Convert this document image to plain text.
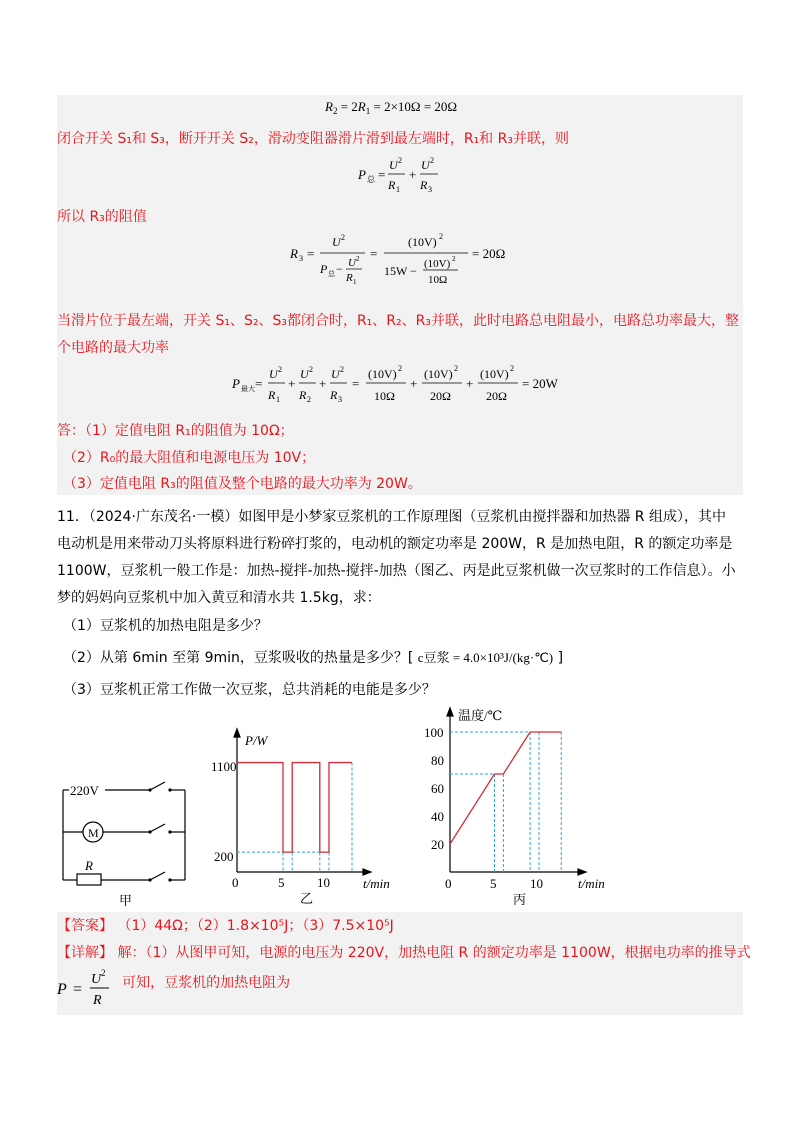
$R_2 = 2R_1 = 2\times 10\Omega = 20\Omega$
闭合开关 S₁和 S₃，断开开关 S₂，滑动变阻器滑片滑到最左端时，R₁和 R₃并联，则
P 总 =
U 2
R 1
+
U 2
R 3
所以 R₃的阻值
R 3 =
U 2
P 总 − U 2
R 1
=
(10V) 2
15W − (10V) 2
10Ω
= 20Ω
当滑片位于最左端，开关 S₁、S₂、S₃都闭合时，R₁、R₂、R₃并联，此时电路总电阻最小，电路总功率最大，整
个电路的最大功率
P 最大 =
U 2
R 1
+
U 2
R 2
+
U 2
R 3
=
(10V) 2
10Ω
+
(10V) 2
20Ω
+
(10V) 2
20Ω
= 20W
答：（1）定值电阻 R₁的阻值为 10Ω；
（2）R₀的最大阻值和电源电压为 10V；
（3）定值电阻 R₃的阻值及整个电路的最大功率为 20W。
11．（2024·广东茂名·一模）如图甲是小梦家豆浆机的工作原理图（豆浆机由搅拌器和加热器 R 组成），其中
电动机是用来带动刀头将原料进行粉碎打浆的，电动机的额定功率是 200W，R 是加热电阻，R 的额定功率是
1100W，豆浆机一般工作是：加热-搅拌-加热-搅拌-加热（图乙、丙是此豆浆机做一次豆浆时的工作信息）。小
梦的妈妈向豆浆机中加入黄豆和清水共 1.5kg，求：
（1）豆浆机的加热电阻是多少？
（2）从第 6min 至第 9min，豆浆吸收的热量是多少？[ c豆浆 = 4.0×10³J/(kg·℃) ]
（3）豆浆机正常工作做一次豆浆，总共消耗的电能是多少？
220V
M
R
甲
P/W
t/min
1100
200
0	5	10
乙
温度/℃
t/min
100
80
60
40
20
0	5	10
丙
【答案】 （1）44Ω；（2）1.8×10⁵J；（3）7.5×10⁵J
【详解】 解：（1）从图甲可知，电源的电压为 220V，加热电阻 R 的额定功率是 1100W，根据电功率的推导式
P =
U 2
R
可知，豆浆机的加热电阻为
